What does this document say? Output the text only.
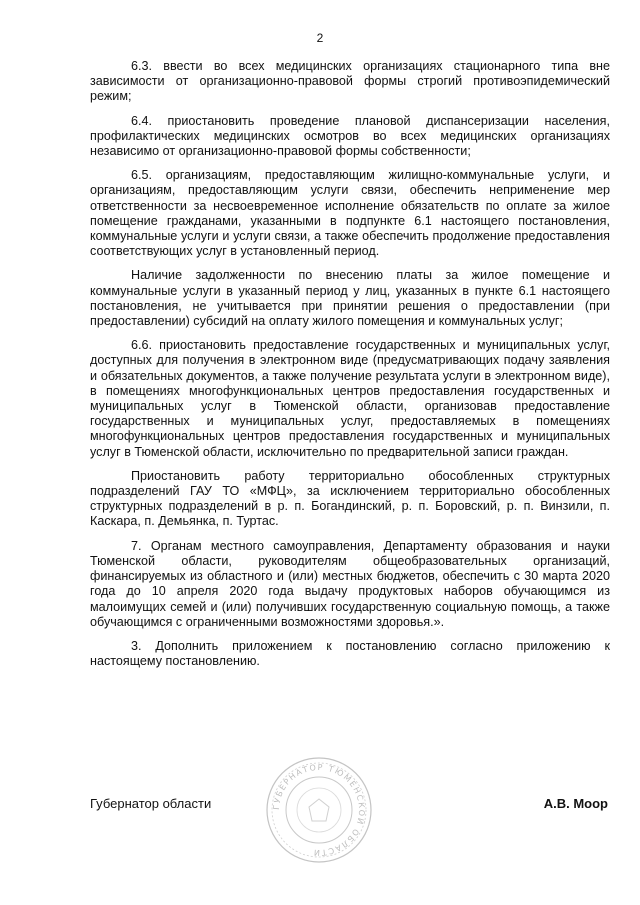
2

6.3. ввести во всех медицинских организациях стационарного типа вне зависимости от организационно-правовой формы строгий противоэпидемический режим;

6.4. приостановить проведение плановой диспансеризации населения, профилактических медицинских осмотров во всех медицинских организациях независимо от организационно-правовой формы собственности;

6.5. организациям, предоставляющим жилищно-коммунальные услуги, и организациям, предоставляющим услуги связи, обеспечить неприменение мер ответственности за несвоевременное исполнение обязательств по оплате за жилое помещение гражданами, указанными в подпункте 6.1 настоящего постановления, коммунальные услуги и услуги связи, а также обеспечить продолжение предоставления соответствующих услуг в установленный период.

Наличие задолженности по внесению платы за жилое помещение и коммунальные услуги в указанный период у лиц, указанных в пункте 6.1 настоящего постановления, не учитывается при принятии решения о предоставлении (при предоставлении) субсидий на оплату жилого помещения и коммунальных услуг;

6.6. приостановить предоставление государственных и муниципальных услуг, доступных для получения в электронном виде (предусматривающих подачу заявления и обязательных документов, а также получение результата услуги в электронном виде), в помещениях многофункциональных центров предоставления государственных и муниципальных услуг в Тюменской области, организовав предоставление государственных и муниципальных услуг, предоставляемых в помещениях многофункциональных центров предоставления государственных и муниципальных услуг в Тюменской области, исключительно по предварительной записи граждан.

Приостановить работу территориально обособленных структурных подразделений ГАУ ТО «МФЦ», за исключением территориально обособленных структурных подразделений в р. п. Богандинский, р. п. Боровский, р. п. Винзили, п. Каскара, п. Демьянка, п. Туртас.

7. Органам местного самоуправления, Департаменту образования и науки Тюменской области, руководителям общеобразовательных организаций, финансируемых из областного и (или) местных бюджетов, обеспечить с 30 марта 2020 года до 10 апреля 2020 года выдачу продуктовых наборов обучающимся из малоимущих семей и (или) получивших государственную социальную помощь, а также обучающимся с ограниченными возможностями здоровья.».

3. Дополнить приложением к постановлению согласно приложению к настоящему постановлению.

Губернатор области	ГУБЕРНАТОР ТЮМЕНСКОЙ ОБЛАСТИ
А.В. Моор
